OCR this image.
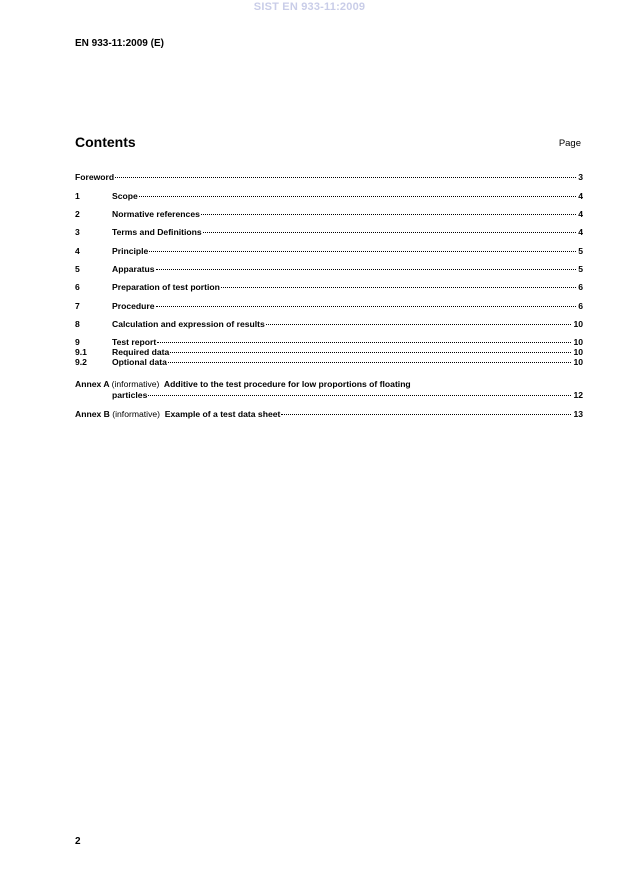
SIST EN 933-11:2009
EN 933-11:2009 (E)
Contents	Page
Foreword	3
1	Scope	4
2	Normative references	4
3	Terms and Definitions	4
4	Principle	5
5	Apparatus	5
6	Preparation of test portion	6
7	Procedure	6
8	Calculation and expression of results	10
9	Test report	10
9.1	Required data	10
9.2	Optional data	10
Annex A (informative) Additive to the test procedure for low proportions of floating
particles	12
Annex B (informative) Example of a test data sheet	13
2
